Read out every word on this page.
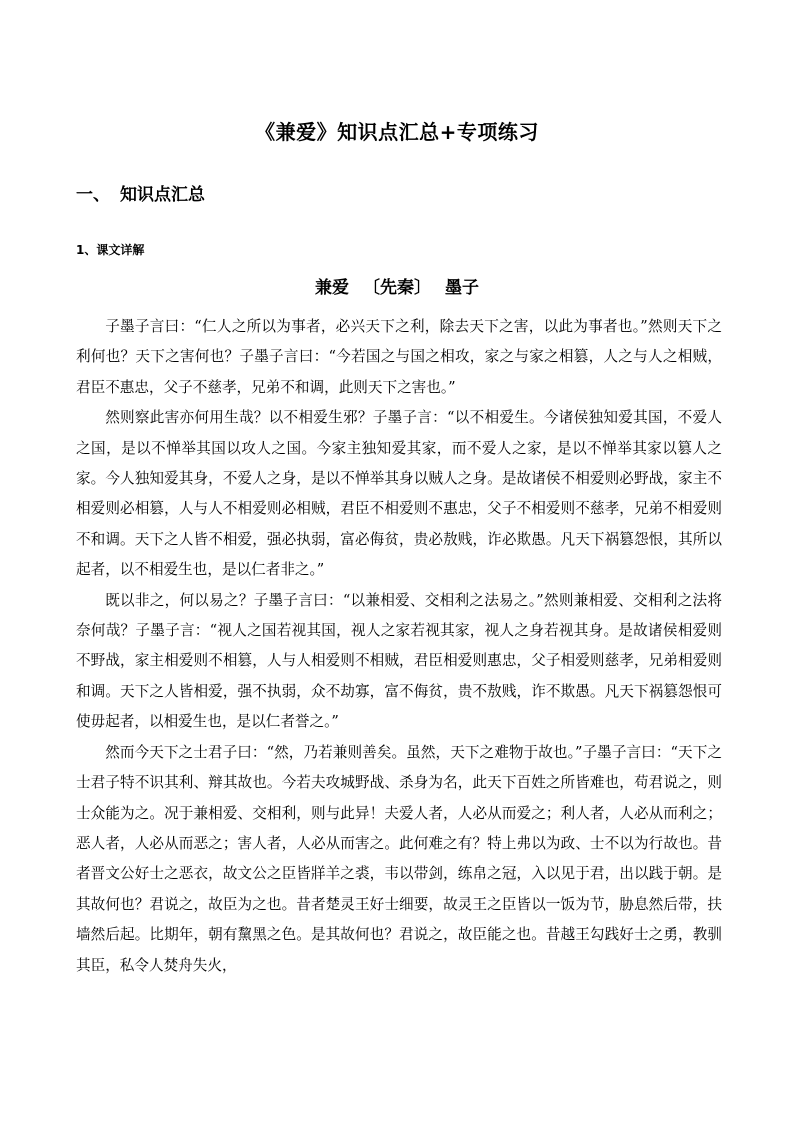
《兼爱》知识点汇总+专项练习
一、 知识点汇总
1、课文详解
兼爱 〔先秦〕 墨子

子墨子言曰：“仁人之所以为事者，必兴天下之利，除去天下之害，以此为事者也。”然则天下之利何也？天下之害何也？子墨子言曰：“今若国之与国之相攻，家之与家之相篡，人之与人之相贼，君臣不惠忠，父子不慈孝，兄弟不和调，此则天下之害也。”

然则察此害亦何用生哉？以不相爱生邪？子墨子言：“以不相爱生。今诸侯独知爱其国，不爱人之国，是以不惮举其国以攻人之国。今家主独知爱其家，而不爱人之家，是以不惮举其家以篡人之家。今人独知爱其身，不爱人之身，是以不惮举其身以贼人之身。是故诸侯不相爱则必野战，家主不相爱则必相篡，人与人不相爱则必相贼，君臣不相爱则不惠忠，父子不相爱则不慈孝，兄弟不相爱则不和调。天下之人皆不相爱，强必执弱，富必侮贫，贵必敖贱，诈必欺愚。凡天下祸篡怨恨，其所以起者，以不相爱生也，是以仁者非之。”

既以非之，何以易之？子墨子言曰：“以兼相爱、交相利之法易之。”然则兼相爱、交相利之法将奈何哉？子墨子言：“视人之国若视其国，视人之家若视其家，视人之身若视其身。是故诸侯相爱则不野战，家主相爱则不相篡，人与人相爱则不相贼，君臣相爱则惠忠，父子相爱则慈孝，兄弟相爱则和调。天下之人皆相爱，强不执弱，众不劫寡，富不侮贫，贵不敖贱，诈不欺愚。凡天下祸篡怨恨可使毋起者，以相爱生也，是以仁者誉之。”

然而今天下之士君子曰：“然，乃若兼则善矣。虽然，天下之难物于故也。”子墨子言曰：“天下之士君子特不识其利、辩其故也。今若夫攻城野战、杀身为名，此天下百姓之所皆难也，苟君说之，则士众能为之。况于兼相爱、交相利，则与此异！夫爱人者，人必从而爱之；利人者，人必从而利之；恶人者，人必从而恶之；害人者，人必从而害之。此何难之有？特上弗以为政、士不以为行故也。昔者晋文公好士之恶衣，故文公之臣皆牂羊之裘，韦以带剑，练帛之冠，入以见于君，出以践于朝。是其故何也？君说之，故臣为之也。昔者楚灵王好士细要，故灵王之臣皆以一饭为节，胁息然后带，扶墙然后起。比期年，朝有黧黑之色。是其故何也？君说之，故臣能之也。昔越王勾践好士之勇，教驯其臣，私令人焚舟失火，
